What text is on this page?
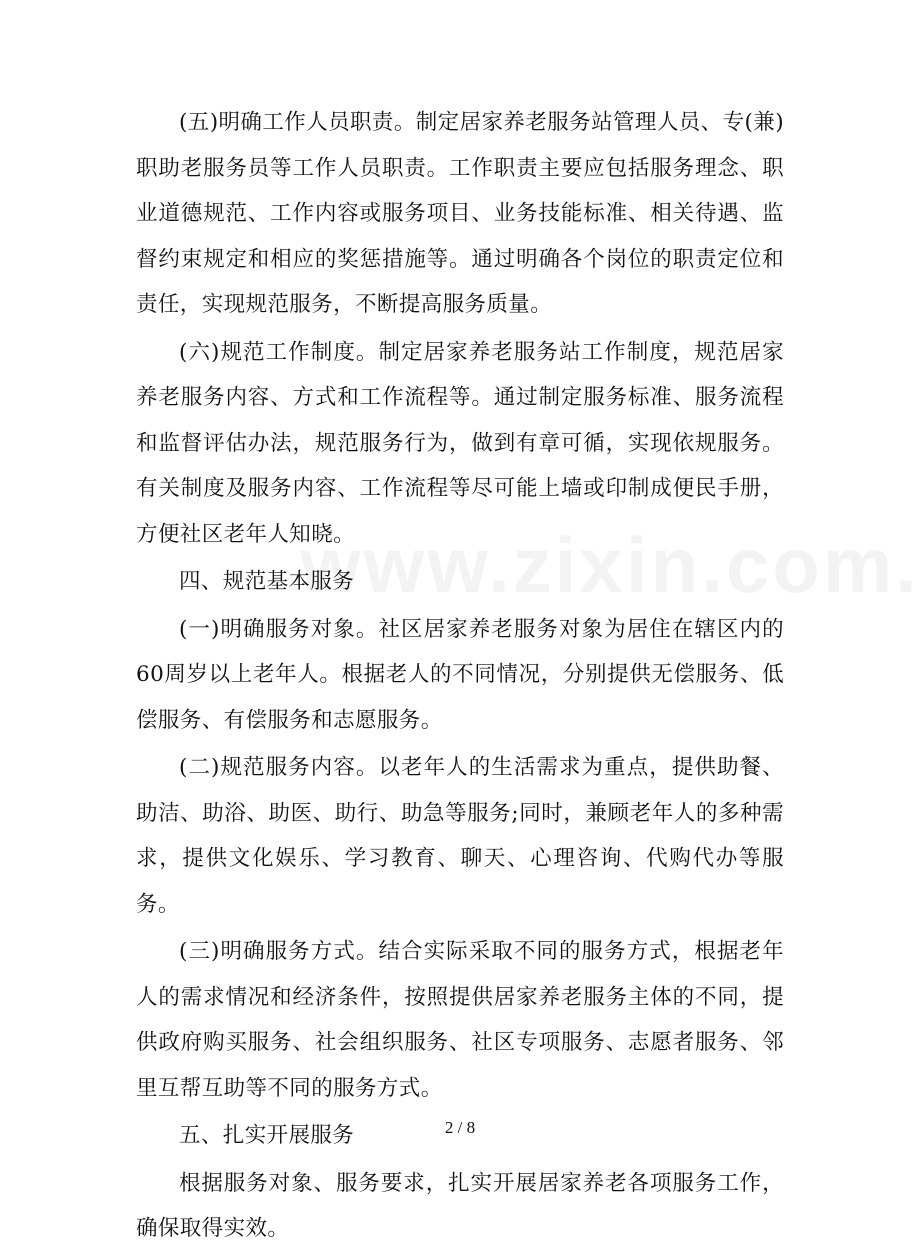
(五)明确工作人员职责。制定居家养老服务站管理人员、专(兼)职助老服务员等工作人员职责。工作职责主要应包括服务理念、职业道德规范、工作内容或服务项目、业务技能标准、相关待遇、监督约束规定和相应的奖惩措施等。通过明确各个岗位的职责定位和责任，实现规范服务，不断提高服务质量。

(六)规范工作制度。制定居家养老服务站工作制度，规范居家养老服务内容、方式和工作流程等。通过制定服务标准、服务流程和监督评估办法，规范服务行为，做到有章可循，实现依规服务。有关制度及服务内容、工作流程等尽可能上墙或印制成便民手册，方便社区老年人知晓。

四、规范基本服务

(一)明确服务对象。社区居家养老服务对象为居住在辖区内的60周岁以上老年人。根据老人的不同情况，分别提供无偿服务、低偿服务、有偿服务和志愿服务。

(二)规范服务内容。以老年人的生活需求为重点，提供助餐、助洁、助浴、助医、助行、助急等服务;同时，兼顾老年人的多种需求，提供文化娱乐、学习教育、聊天、心理咨询、代购代办等服务。

(三)明确服务方式。结合实际采取不同的服务方式，根据老年人的需求情况和经济条件，按照提供居家养老服务主体的不同，提供政府购买服务、社会组织服务、社区专项服务、志愿者服务、邻里互帮互助等不同的服务方式。

五、扎实开展服务

根据服务对象、服务要求，扎实开展居家养老各项服务工作，确保取得实效。

2 / 8
